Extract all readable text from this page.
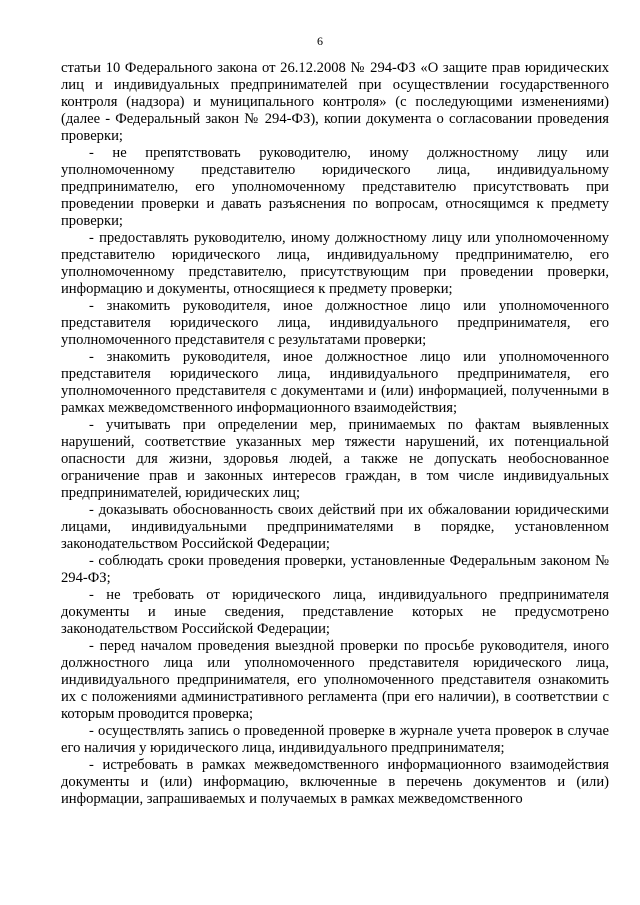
6

статьи 10 Федерального закона от 26.12.2008 № 294-ФЗ «О защите прав юридических лиц и индивидуальных предпринимателей при осуществлении государственного контроля (надзора) и муниципального контроля» (с последующими изменениями) (далее - Федеральный закон № 294-ФЗ), копии документа о согласовании проведения проверки;

- не препятствовать руководителю, иному должностному лицу или уполномоченному представителю юридического лица, индивидуальному предпринимателю, его уполномоченному представителю присутствовать при проведении проверки и давать разъяснения по вопросам, относящимся к предмету проверки;

- предоставлять руководителю, иному должностному лицу или уполномоченному представителю юридического лица, индивидуальному предпринимателю, его уполномоченному представителю, присутствующим при проведении проверки, информацию и документы, относящиеся к предмету проверки;

- знакомить руководителя, иное должностное лицо или уполномоченного представителя юридического лица, индивидуального предпринимателя, его уполномоченного представителя с результатами проверки;

- знакомить руководителя, иное должностное лицо или уполномоченного представителя юридического лица, индивидуального предпринимателя, его уполномоченного представителя с документами и (или) информацией, полученными в рамках межведомственного информационного взаимодействия;

- учитывать при определении мер, принимаемых по фактам выявленных нарушений, соответствие указанных мер тяжести нарушений, их потенциальной опасности для жизни, здоровья людей, а также не допускать необоснованное ограничение прав и законных интересов граждан, в том числе индивидуальных предпринимателей, юридических лиц;

- доказывать обоснованность своих действий при их обжаловании юридическими лицами, индивидуальными предпринимателями в порядке, установленном законодательством Российской Федерации;

- соблюдать сроки проведения проверки, установленные Федеральным законом № 294-ФЗ;

- не требовать от юридического лица, индивидуального предпринимателя документы и иные сведения, представление которых не предусмотрено законодательством Российской Федерации;

- перед началом проведения выездной проверки по просьбе руководителя, иного должностного лица или уполномоченного представителя юридического лица, индивидуального предпринимателя, его уполномоченного представителя ознакомить их с положениями административного регламента (при его наличии), в соответствии с которым проводится проверка;

- осуществлять запись о проведенной проверке в журнале учета проверок в случае его наличия у юридического лица, индивидуального предпринимателя;

- истребовать в рамках межведомственного информационного взаимодействия документы и (или) информацию, включенные в перечень документов и (или) информации, запрашиваемых и получаемых в рамках межведомственного
